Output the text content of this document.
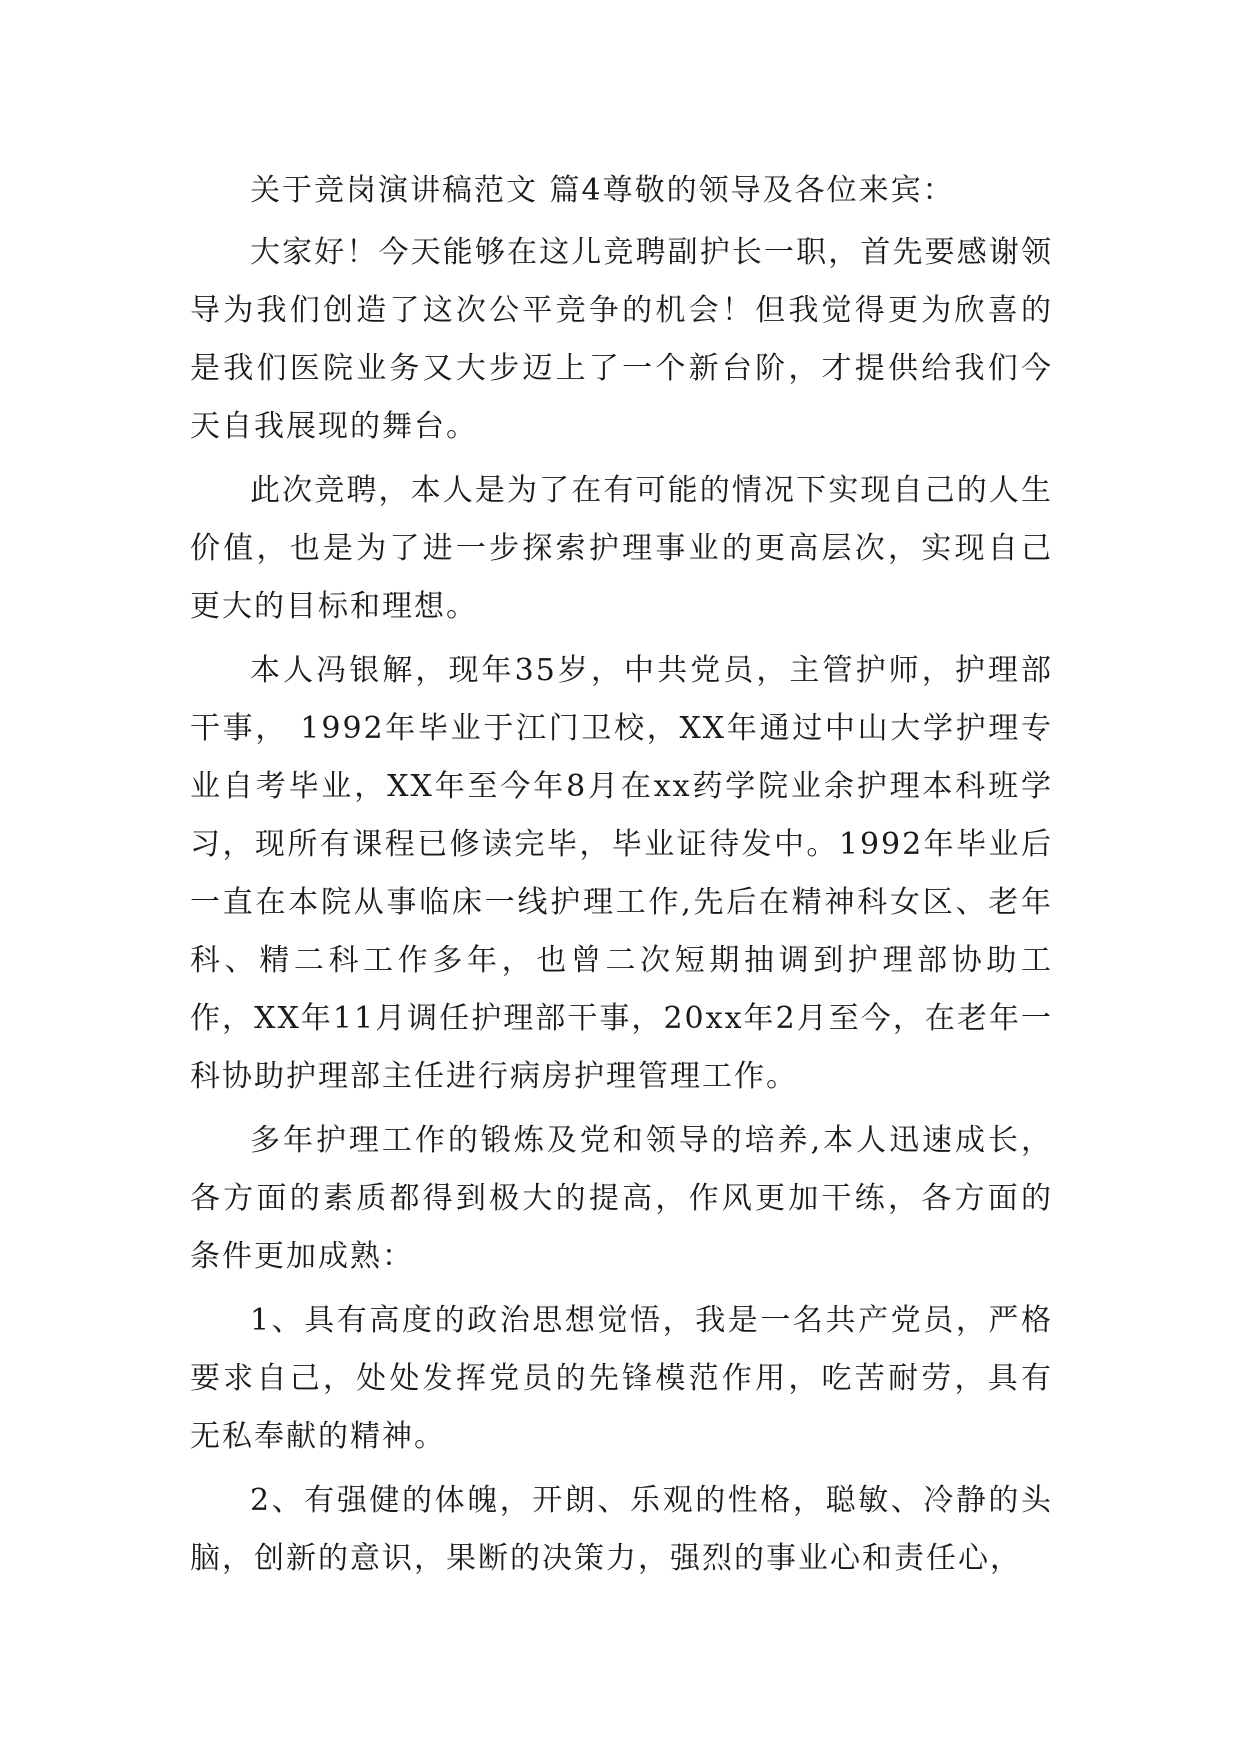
关于竞岗演讲稿范文 篇4尊敬的领导及各位来宾：

大家好！今天能够在这儿竞聘副护长一职，首先要感谢领导为我们创造了这次公平竞争的机会！但我觉得更为欣喜的是我们医院业务又大步迈上了一个新台阶，才提供给我们今天自我展现的舞台。

此次竞聘，本人是为了在有可能的情况下实现自己的人生价值，也是为了进一步探索护理事业的更高层次，实现自己更大的目标和理想。

本人冯银解，现年35岁，中共党员，主管护师，护理部干事， 1992年毕业于江门卫校，XX年通过中山大学护理专业自考毕业，XX年至今年8月在xx药学院业余护理本科班学习，现所有课程已修读完毕，毕业证待发中。1992年毕业后一直在本院从事临床一线护理工作,先后在精神科女区、老年科、精二科工作多年，也曾二次短期抽调到护理部协助工作，XX年11月调任护理部干事，20xx年2月至今，在老年一科协助护理部主任进行病房护理管理工作。

多年护理工作的锻炼及党和领导的培养,本人迅速成长，各方面的素质都得到极大的提高，作风更加干练，各方面的条件更加成熟：

1、具有高度的政治思想觉悟，我是一名共产党员，严格要求自己，处处发挥党员的先锋模范作用，吃苦耐劳，具有无私奉献的精神。

2、有强健的体魄，开朗、乐观的性格，聪敏、冷静的头脑，创新的意识，果断的决策力，强烈的事业心和责任心，
